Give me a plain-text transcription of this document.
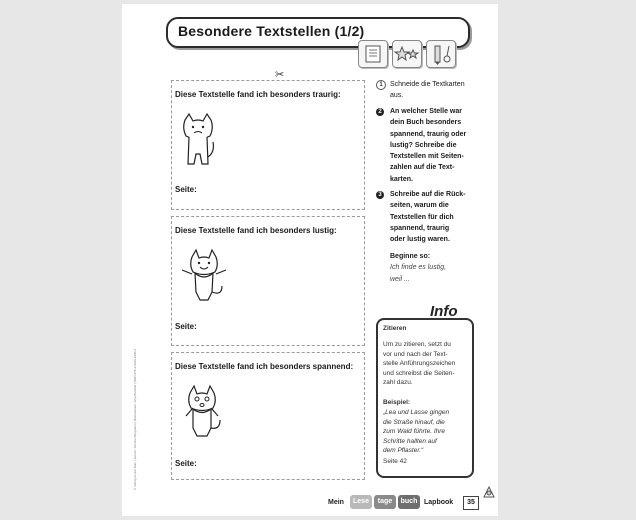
Besondere Textstellen (1/2)
✂
Diese Textstelle fand ich besonders traurig:
Seite:
Diese Textstelle fand ich besonders lustig:
Seite:
Diese Textstelle fand ich besonders spannend:
Seite:
© Verlag an der Ruhr | Autorin: Simone Bürgmann | Illustrationen: Anja Boretzki | ISBN 978-3-8346-2690-6
1	Schneide die Textkarten
aus.
2	An welcher Stelle war
dein Buch besonders
spannend, traurig oder
lustig? Schreibe die
Textstellen mit Seiten-
zahlen auf die Text-
karten.
3	Schreibe auf die Rück-
seiten, warum die
Textstellen für dich
spannend, traurig
oder lustig waren.
Beginne so:
Ich finde es lustig,
weil ...
Info
Zitieren
Um zu zitieren, setzt du
vor und nach der Text-
stelle Anführungszeichen
und schreibst die Seiten-
zahl dazu.
Beispiel:
„Lea und Lasse gingen
die Straße hinauf, die
zum Wald führte. Ihre
Schritte hallten auf
dem Pflaster.“
Seite 42
Mein	Lese	tage	buch Lapbook	35
